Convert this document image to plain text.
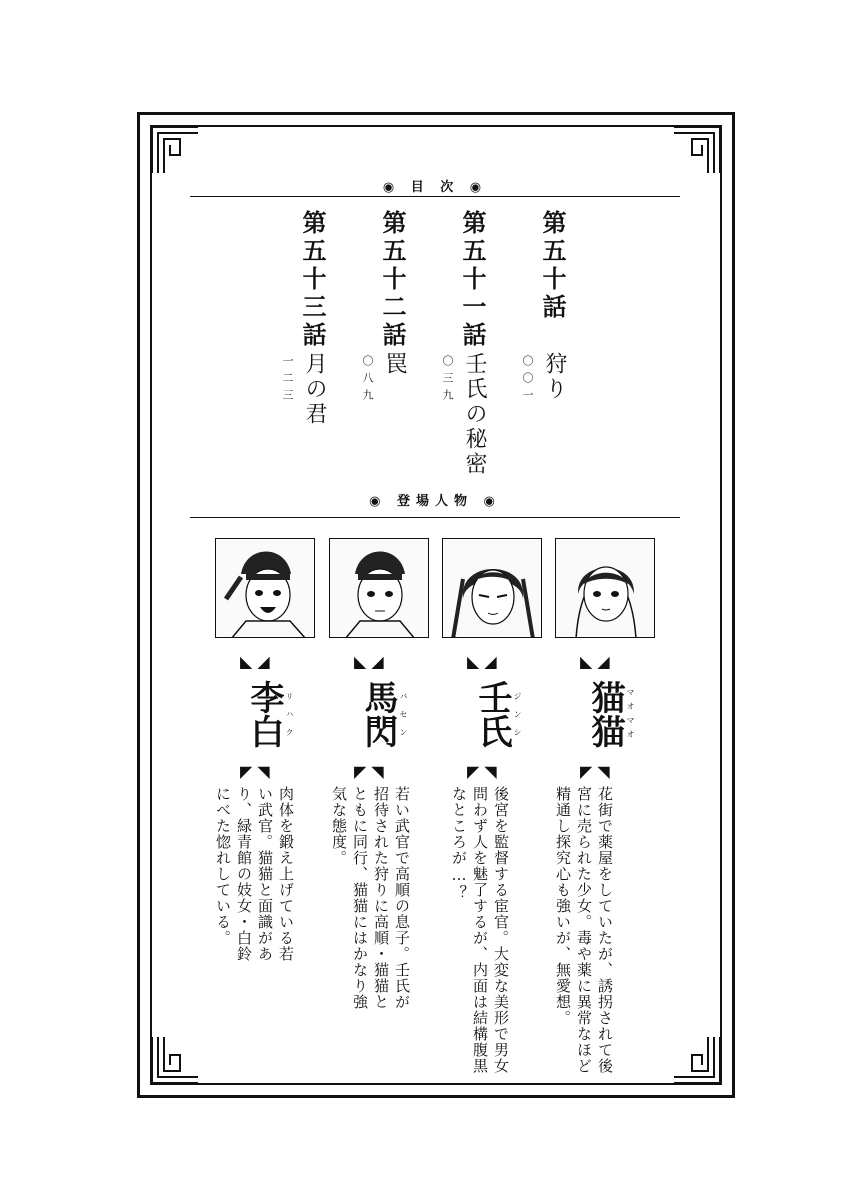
◉ 目 次 ◉
第五十話
狩り
〇〇一
第五十一話
壬氏の秘密
〇三九
第五十二話
罠
〇八九
第五十三話
月の君
一二三
◉ 登場人物 ◉
◣ ◢
◤ ◥
◣ ◢
◤ ◥
◣ ◢
◤ ◥
◣ ◢
◤ ◥
猫猫 マオマオ
壬氏 ジンシ
馬閃 バセン
李白 リハク
花街で薬屋をしていたが、誘拐されて後宮に売られた少女。毒や薬に異常なほど精通し探究心も強いが、無愛想。
後宮を監督する宦官。大変な美形で男女問わず人を魅了するが、内面は結構腹黒なところが…？
若い武官で高順の息子。壬氏が招待された狩りに高順・猫猫とともに同行、猫猫にはかなり強気な態度。
肉体を鍛え上げている若い武官。猫猫と面識があり、緑青館の妓女・白鈴にべた惚れしている。
